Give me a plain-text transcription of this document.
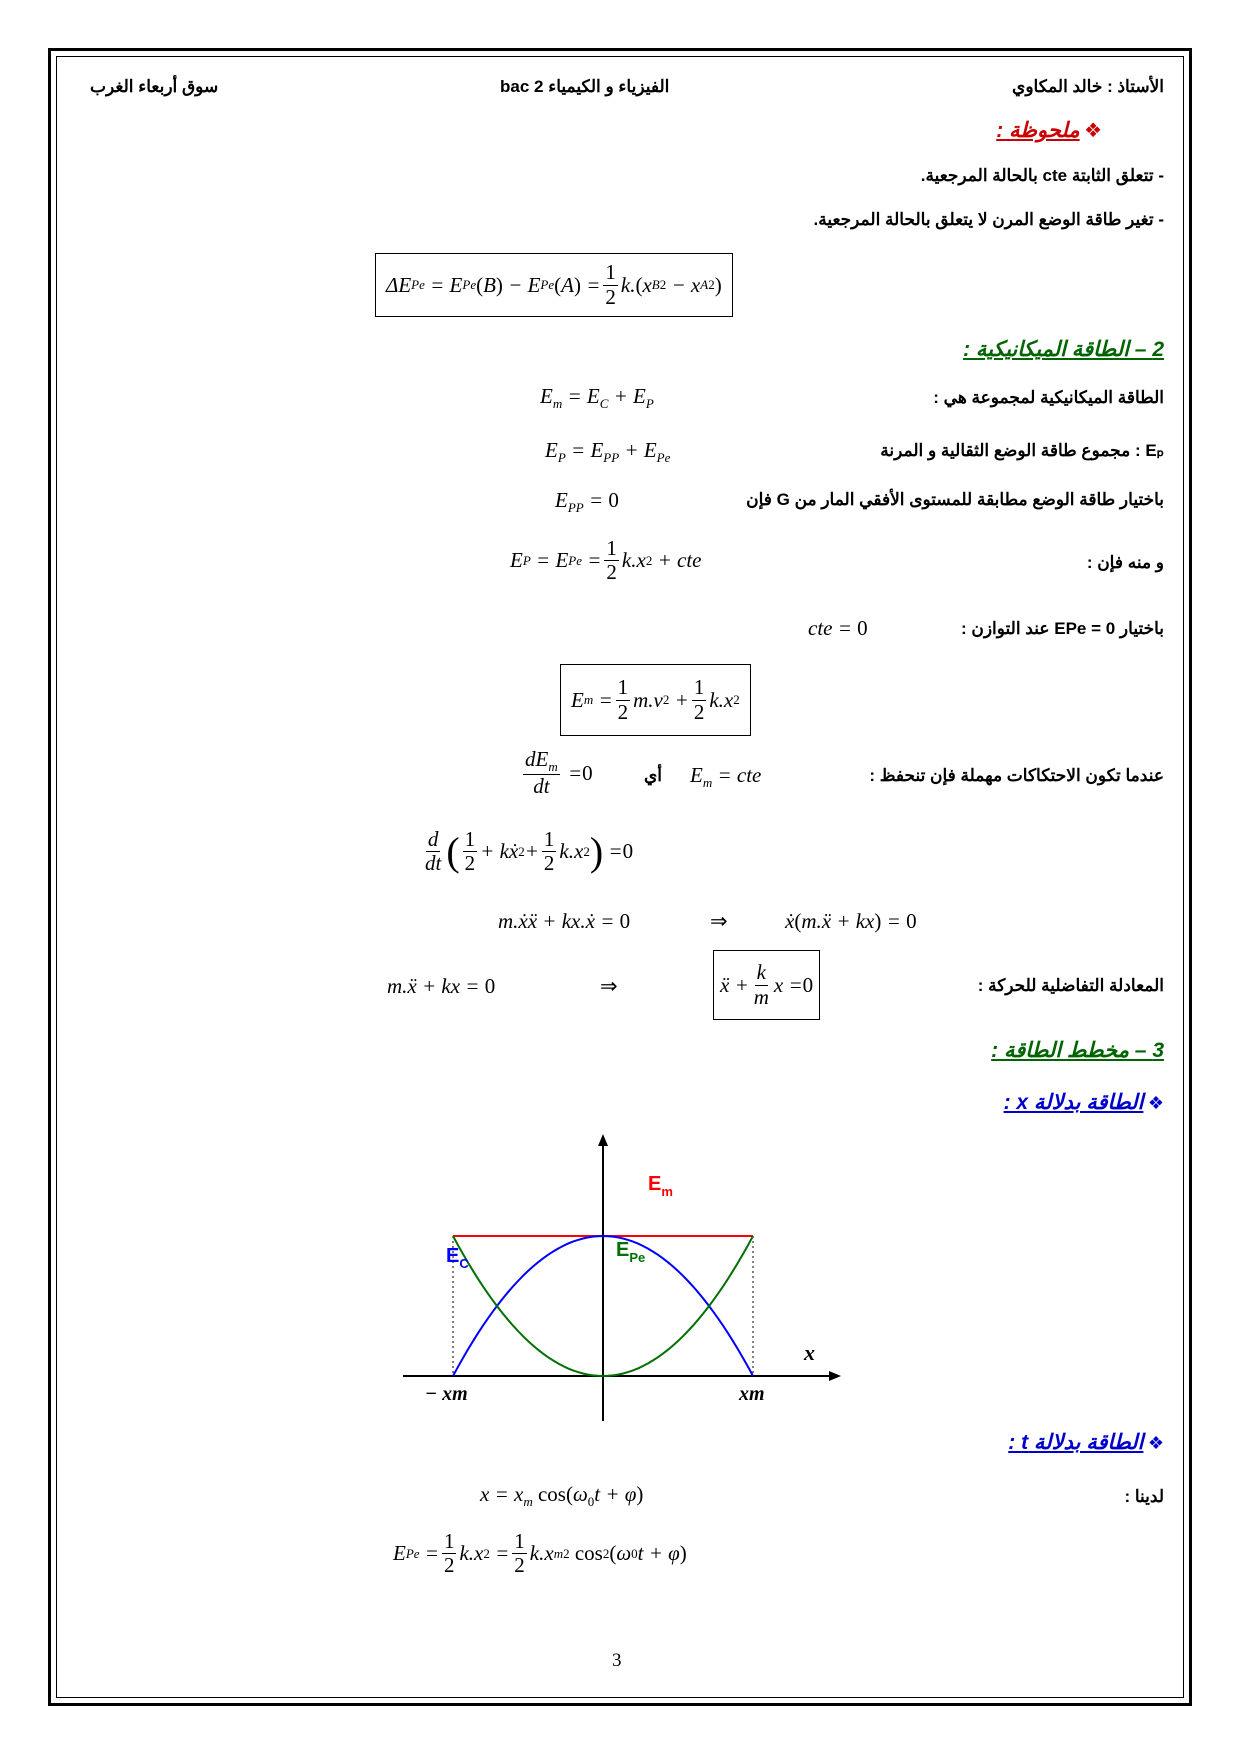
الأستاذ : خالد المكاوي
الفيزياء و الكيمياء 2 bac
سوق أربعاء الغرب
❖ ملحوظة :
- تتعلق الثابتة cte بالحالة المرجعية.
- تغير طاقة الوضع المرن لا يتعلق بالحالة المرجعية.
ΔE Pe = E Pe ( B ) − E Pe ( A ) = $\frac{1}{2} k$. ( x B 2 − x A 2 )
2 – الطاقة الميكانيكية :
الطاقة الميكانيكية لمجموعة هي :
$E_m = E_C + E_P$
Eₚ : مجموع طاقة الوضع الثقالية و المرنة
$E_P = E_{PP} + E_{Pe}$
باختيار طاقة الوضع مطابقة للمستوى الأفقي المار من G فإن
$E_{PP} = 0$
و منه فإن :
E P = E $Pe = \frac{1}{2} k.x$ 2 + cte
باختيار EPe = 0 عند التوازن :
cte = 0
E $m = \frac{1}{2} m.v$ $2 + \frac{1}{2} k.x$ 2
عندما تكون الاحتكاكات مهملة فإن تنحفظ :
$\frac{dE_m}{dt} = 0$	أي $E_m$ = cte
$\frac{d}{dt}$ ( $\frac{1}{2}$ + kẋ $2 + \frac{1}{2} k.x$ 2 ) = 0
m.ẋẍ + kx.ẋ = 0	⇒	ẋ(m.ẍ + kx) = 0
المعادلة التفاضلية للحركة :
m.ẍ + kx = 0	⇒	ẍ + $\frac{k}{m}$ x = 0
3 – مخطط الطاقة :
❖ الطاقة بدلالة x :
$E_m$
$E_C$
$E_{Pe}$
x
− xm	xm
❖ الطاقة بدلالة t :
لدينا :
$x = x_m$ $\cos(\omega_0t + \varphi)$
E $Pe = \frac{1}{2} k.x$ $2 = \frac{1}{2} k.x$ m 2
cos 2 ( ω 0 t + φ )
3
